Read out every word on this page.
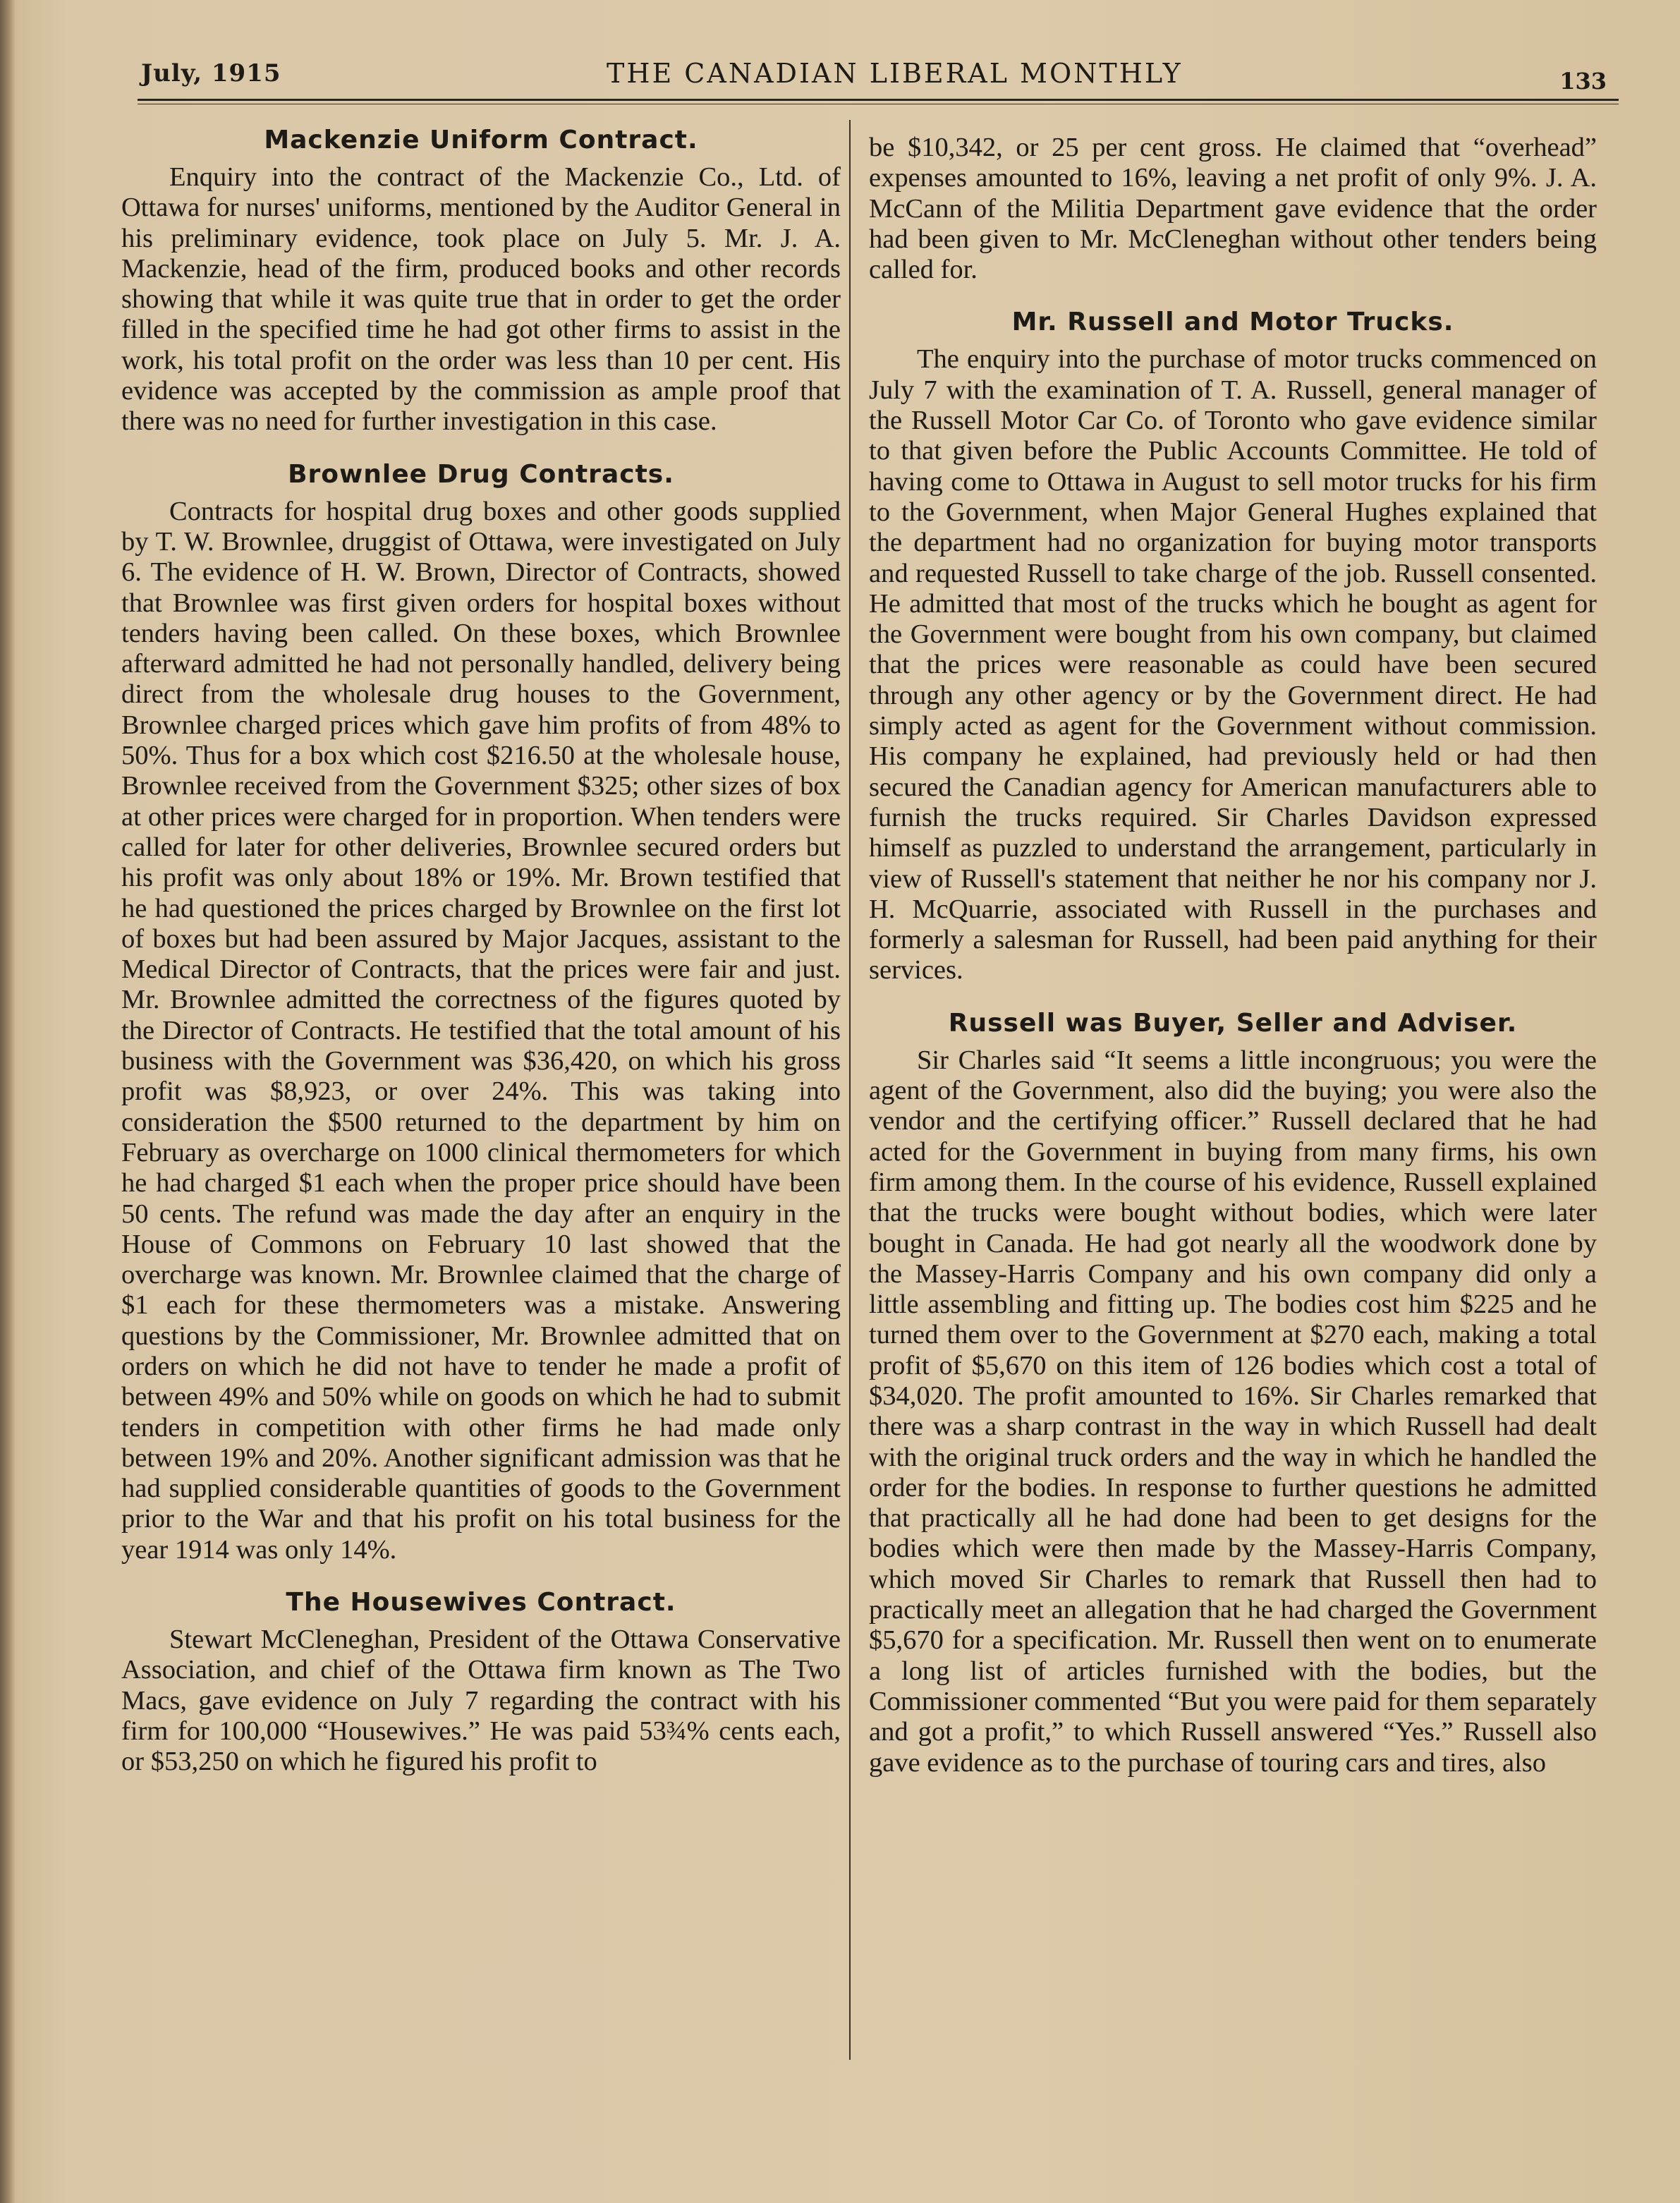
July, 1915	THE CANADIAN LIBERAL MONTHLY	133
Mackenzie Uniform Contract.

Enquiry into the contract of the Mackenzie Co., Ltd. of Ottawa for nurses' uniforms, mentioned by the Auditor General in his preliminary evidence, took place on July 5. Mr. J. A. Mackenzie, head of the firm, produced books and other records showing that while it was quite true that in order to get the order filled in the specified time he had got other firms to assist in the work, his total profit on the order was less than 10 per cent. His evidence was accepted by the commission as ample proof that there was no need for further investigation in this case.

Brownlee Drug Contracts.

Contracts for hospital drug boxes and other goods supplied by T. W. Brownlee, druggist of Ottawa, were investigated on July 6. The evidence of H. W. Brown, Director of Contracts, showed that Brownlee was first given orders for hospital boxes without tenders having been called. On these boxes, which Brownlee afterward admitted he had not personally handled, delivery being direct from the wholesale drug houses to the Government, Brownlee charged prices which gave him profits of from 48% to 50%. Thus for a box which cost $216.50 at the wholesale house, Brownlee received from the Government $325; other sizes of box at other prices were charged for in proportion. When tenders were called for later for other deliveries, Brownlee secured orders but his profit was only about 18% or 19%. Mr. Brown testified that he had questioned the prices charged by Brownlee on the first lot of boxes but had been assured by Major Jacques, assistant to the Medical Director of Contracts, that the prices were fair and just. Mr. Brownlee admitted the correctness of the figures quoted by the Director of Contracts. He testified that the total amount of his business with the Government was $36,420, on which his gross profit was $8,923, or over 24%. This was taking into consideration the $500 returned to the department by him on February as overcharge on 1000 clinical thermometers for which he had charged $1 each when the proper price should have been 50 cents. The refund was made the day after an enquiry in the House of Commons on February 10 last showed that the overcharge was known. Mr. Brownlee claimed that the charge of $1 each for these thermometers was a mistake. Answering questions by the Commissioner, Mr. Brownlee admitted that on orders on which he did not have to tender he made a profit of between 49% and 50% while on goods on which he had to submit tenders in competition with other firms he had made only between 19% and 20%. Another significant admission was that he had supplied considerable quantities of goods to the Government prior to the War and that his profit on his total business for the year 1914 was only 14%.

The Housewives Contract.

Stewart McCleneghan, President of the Ottawa Conservative Association, and chief of the Ottawa firm known as The Two Macs, gave evidence on July 7 regarding the contract with his firm for 100,000 “Housewives.” He was paid 53¾% cents each, or $53,250 on which he figured his profit to

be $10,342, or 25 per cent gross. He claimed that “overhead” expenses amounted to 16%, leaving a net profit of only 9%. J. A. McCann of the Militia Department gave evidence that the order had been given to Mr. McCleneghan without other tenders being called for.

Mr. Russell and Motor Trucks.

The enquiry into the purchase of motor trucks commenced on July 7 with the examination of T. A. Russell, general manager of the Russell Motor Car Co. of Toronto who gave evidence similar to that given before the Public Accounts Committee. He told of having come to Ottawa in August to sell motor trucks for his firm to the Government, when Major General Hughes explained that the department had no organization for buying motor transports and requested Russell to take charge of the job. Russell consented. He admitted that most of the trucks which he bought as agent for the Government were bought from his own company, but claimed that the prices were reasonable as could have been secured through any other agency or by the Government direct. He had simply acted as agent for the Government without commission. His company he explained, had previously held or had then secured the Canadian agency for American manufacturers able to furnish the trucks required. Sir Charles Davidson expressed himself as puzzled to understand the arrangement, particularly in view of Russell's statement that neither he nor his company nor J. H. McQuarrie, associated with Russell in the purchases and formerly a salesman for Russell, had been paid anything for their services.

Russell was Buyer, Seller and Adviser.

Sir Charles said “It seems a little incongruous; you were the agent of the Government, also did the buying; you were also the vendor and the certifying officer.” Russell declared that he had acted for the Government in buying from many firms, his own firm among them. In the course of his evidence, Russell explained that the trucks were bought without bodies, which were later bought in Canada. He had got nearly all the woodwork done by the Massey-Harris Company and his own company did only a little assembling and fitting up. The bodies cost him $225 and he turned them over to the Government at $270 each, making a total profit of $5,670 on this item of 126 bodies which cost a total of $34,020. The profit amounted to 16%. Sir Charles remarked that there was a sharp contrast in the way in which Russell had dealt with the original truck orders and the way in which he handled the order for the bodies. In response to further questions he admitted that practically all he had done had been to get designs for the bodies which were then made by the Massey-Harris Company, which moved Sir Charles to remark that Russell then had to practically meet an allegation that he had charged the Government $5,670 for a specification. Mr. Russell then went on to enumerate a long list of articles furnished with the bodies, but the Commissioner commented “But you were paid for them separately and got a profit,” to which Russell answered “Yes.” Russell also gave evidence as to the purchase of touring cars and tires, also
